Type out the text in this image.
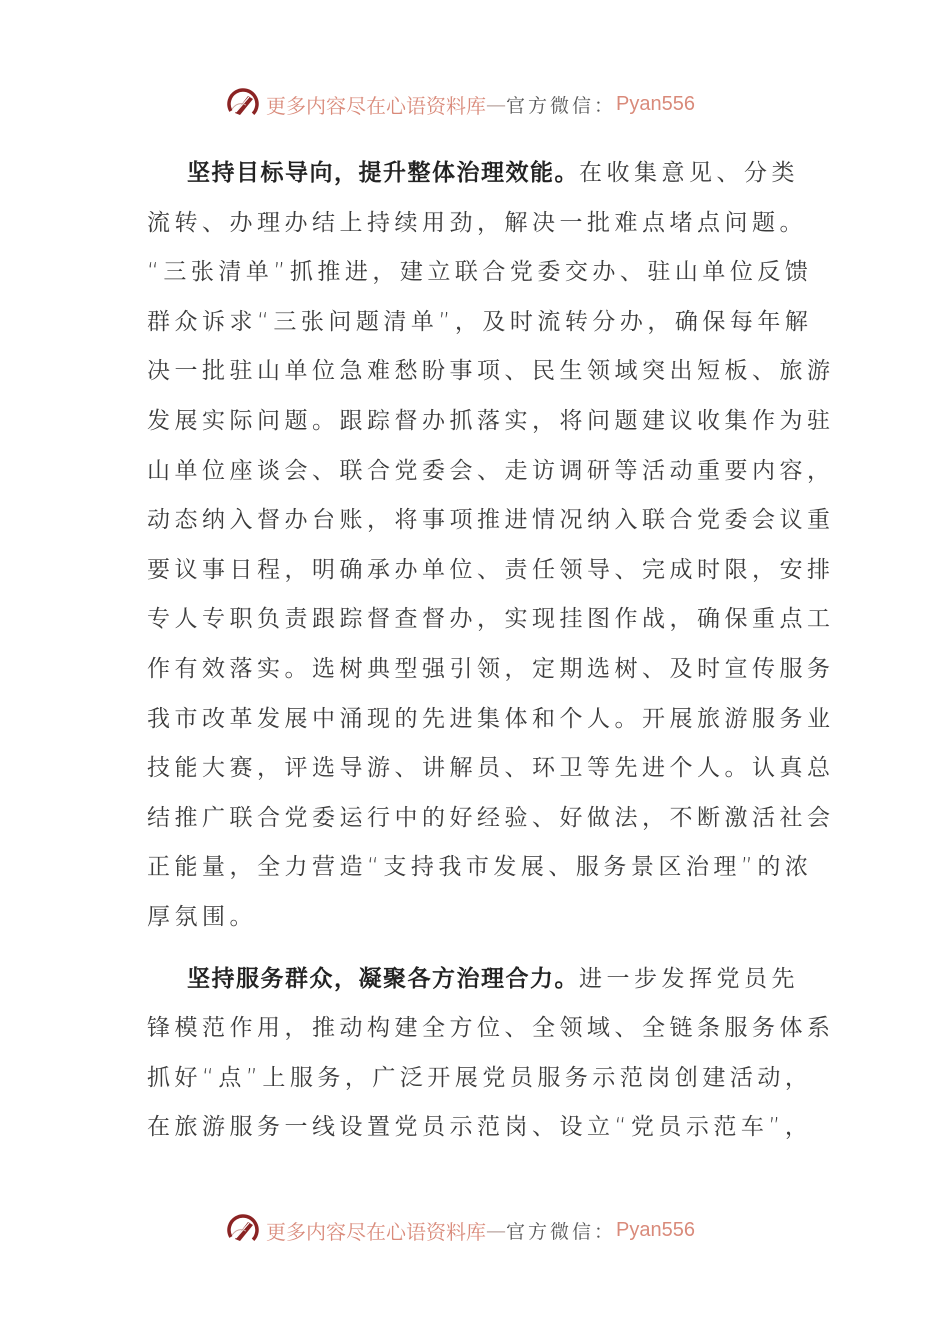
更多内容尽在心语资料库 — 官方微信： Pyan556

坚持目标导向，提升整体治理效能。在收集意见、分类
流转、办理办结上持续用劲，解决一批难点堵点问题。
“三张清单”抓推进，建立联合党委交办、驻山单位反馈
群众诉求“三张问题清单”，及时流转分办，确保每年解
决一批驻山单位急难愁盼事项、民生领域突出短板、旅游
发展实际问题。跟踪督办抓落实，将问题建议收集作为驻
山单位座谈会、联合党委会、走访调研等活动重要内容，
动态纳入督办台账，将事项推进情况纳入联合党委会议重
要议事日程，明确承办单位、责任领导、完成时限，安排
专人专职负责跟踪督查督办，实现挂图作战，确保重点工
作有效落实。选树典型强引领，定期选树、及时宣传服务
我市改革发展中涌现的先进集体和个人。开展旅游服务业
技能大赛，评选导游、讲解员、环卫等先进个人。认真总
结推广联合党委运行中的好经验、好做法，不断激活社会
正能量，全力营造“支持我市发展、服务景区治理”的浓
厚氛围。

坚持服务群众，凝聚各方治理合力。进一步发挥党员先
锋模范作用，推动构建全方位、全领域、全链条服务体系
抓好“点”上服务，广泛开展党员服务示范岗创建活动，
在旅游服务一线设置党员示范岗、设立“党员示范车”，

更多内容尽在心语资料库 — 官方微信： Pyan556
